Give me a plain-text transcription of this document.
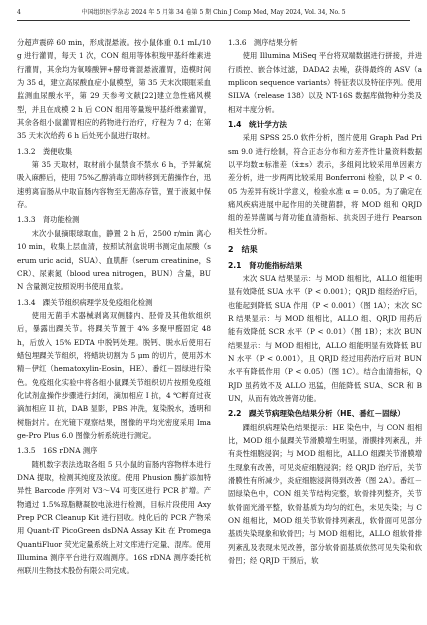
4	中国组织医学杂志 2024 年 5 月第 34 卷第 5 期 Chin J Comp Med, May 2024, Vol. 34, No. 5

分超声震碎 60 min，形成混悬液。按小鼠体重 0.1 mL/10 g 进行灌胃，每天 1 次，CON 组用等体积羧甲基纤维素进行灌胃，其余均为氧嗪酸钾+酵母膏混悬液灌胃，造模时间为 35 d，建立高尿酸血症小鼠模型，第 35 天末次眼眶采血监测血尿酸水平，第 29 天参考文献[22]建立急性痛风模型，并且在成模 2 h 后 CON 组用等量羧甲基纤维素灌胃，其余各组小鼠灌胃相应的药物进行治疗，疗程为 7 d；在第 35 天末次给药 6 h 后处死小鼠进行取材。

1.3.2　粪便收集

第 35 天取材，取材前小鼠禁食不禁水 6 h，予异氟烷吸入麻醉后，使用 75%乙醇消毒立即转移到无菌操作台，迅速剪离盲肠从中取盲肠内容物至无菌冻存管，置于液氮中保存。

1.3.3　肾功能检测

末次小鼠摘眼球取血，静置 2 h 后，2500 r/min 离心 10 min，收集上层血清，按照试剂盒说明书测定血尿酸（serum uric acid，SUA）、血肌酐（serum creatinine，SCR）、尿素氮（blood urea nitrogen，BUN）含量，BUN 含量测定按照说明书使用血浆。

1.3.4　踝关节组织病理学及免疫组化检测

使用无菌手术器械剥离双侧膝内、胫骨及其他软组织后，暴露出踝关节。将踝关节置于 4% 多聚甲醛固定 48 h，后放入 15% EDTA 中脱钙处理。脱钙、脱水后使用石蜡包埋踝关节组织，将蜡块切割为 5 μm 的切片，使用苏木精－伊红（hematoxylin-Eosin，HE）、番红－固绿进行染色。免疫组化实验中将各组小鼠踝关节组织切片按照免疫组化试剂盒操作步骤进行封闭，滴加相应 I 抗，4 ℃孵育过夜滴加相应 II 抗，DAB 显影，PBS 冲洗，复染脱水，透明和树脂封片。在光镜下观察结果，图像的平均光密度采用 Image-Pro Plus 6.0 图像分析系统进行测定。

1.3.5　16S rDNA 测序

随机数字表法选取各组 5 只小鼠的盲肠内容物样本进行 DNA 提取，检测其纯度及浓度。使用 Phusion 酶扩添加特异性 Barcode 序列对 V3～V4 可变区进行 PCR 扩增。产物通过 1.5%琼脂糖凝胶电泳进行检测，目标片段使用 AxyPrep PCR Cleanup Kit 进行回收。纯化后的 PCR 产物采用 Quant-iT PicoGreen dsDNA Assay Kit 在 Promega QuantiFluor 荧光定量系统上对文库进行定量、混库。使用 Illumina 测序平台进行双端测序。16S rDNA 测序委托杭州联川生物技术股份有限公司完成。

1.3.6　测序结果分析

使用 Illumina MiSeq 平台将双端数据进行拼接，并进行质控、嵌合体过滤，DADA2 去噪，获得最终的 ASV（amplicon sequence variants）特征表以及特征序列。使用 SILVA（release 138）以及 NT-16S 数据库做物种分类及相对丰度分析。

1.4　统计学方法

采用 SPSS 25.0 软件分析，图片使用 Graph Pad Prism 9.0 进行绘制，符合正态分布和方差齐性计量资料数据以平均数±标准差（x̄±s）表示，多组间比较采用单因素方差分析，进一步两两比较采用 Bonferroni 检验，以 P < 0.05 为差异有统计学意义，检验水准 α = 0.05。为了确定在痛风疾病进展中起作用的关键菌群，将 MOD 组和 QRJD 组的差异菌属与肾功能血清指标、抗炎因子进行 Pearson 相关性分析。

2　结果

2.1　肾功能指标结果

末次 SUA 结果显示：与 MOD 组相比，ALLO 组能明显有效降低 SUA 水平（P < 0.001）；QRJD 组经治疗后，也能起到降低 SUA 作用（P < 0.001）（图 1A）；末次 SCR 结果显示：与 MOD 组相比，ALLO 组、QRJD 用药后能有效降低 SCR 水平（P < 0.01）（图 1B）；末次 BUN 结果显示：与 MOD 组相比，ALLO 组能明显有效降低 BUN 水平（P < 0.001），且 QRJD 经过用药治疗后对 BUN 水平有降低作用（P < 0.05）（图 1C）。结合血清指标，QRJD 虽药效不及 ALLO 迅猛，但能降低 SUA、SCR 和 BUN，从而有效改善肾功能。

2.2　踝关节病理染色结果分析（HE、番红－固绿）

踝组织病理染色结果提示：HE 染色中，与 CON 组相比，MOD 组小鼠踝关节滑膜增生明显，滑膜排列紊乱，并有炎性细胞浸润；与 MOD 组相比，ALLO 组踝关节滑膜增生现象有改善，可见炎症细胞浸润；经 QRJD 治疗后，关节滑膜性有所减少，炎症细胞浸润得到改善（图 2A）。番红－固绿染色中，CON 组关节结构完整，软骨排列整齐，关节软骨面光滑平整，软骨基质为均匀的红色，未见失染；与 CON 组相比，MOD 组关节软骨排列紊乱，软骨面可见部分基质失染现象和软骨凹；与 MOD 组相比，ALLO 组软骨排列紊乱及表现未见改善，部分软骨面基质依然可见失染和软骨凹；经 QRJD 干预后，软
